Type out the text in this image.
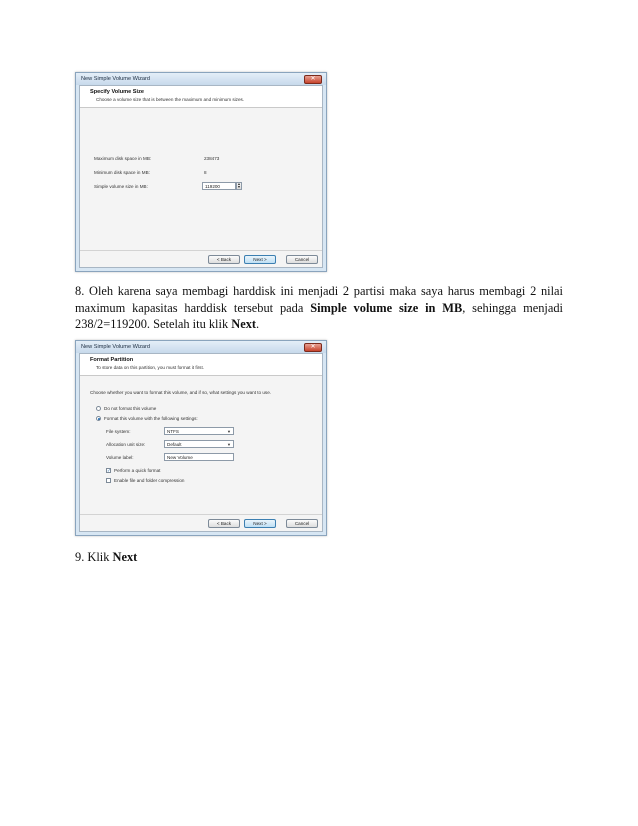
New Simple Volume Wizard	✕
Specify Volume Size
Choose a volume size that is between the maximum and minimum sizes.
Maximum disk space in MB:	238473
Minimum disk space in MB:	8
Simple volume size in MB:	119200	▲
▼
< Back	Next >	Cancel

8. Oleh karena saya membagi harddisk ini menjadi 2 partisi maka saya harus membagi 2 nilai maximum kapasitas harddisk tersebut pada Simple volume size in MB, sehingga menjadi 238/2=119200. Setelah itu klik Next.

New Simple Volume Wizard	✕
Format Partition
To store data on this partition, you must format it first.
Choose whether you want to format this volume, and if so, what settings you want to use.
Do not format this volume
Format this volume with the following settings:
File system:	NTFS	▼
Allocation unit size:	Default	▼
Volume label:	New Volume
✓ Perform a quick format
Enable file and folder compression
< Back	Next >	Cancel

9. Klik Next
